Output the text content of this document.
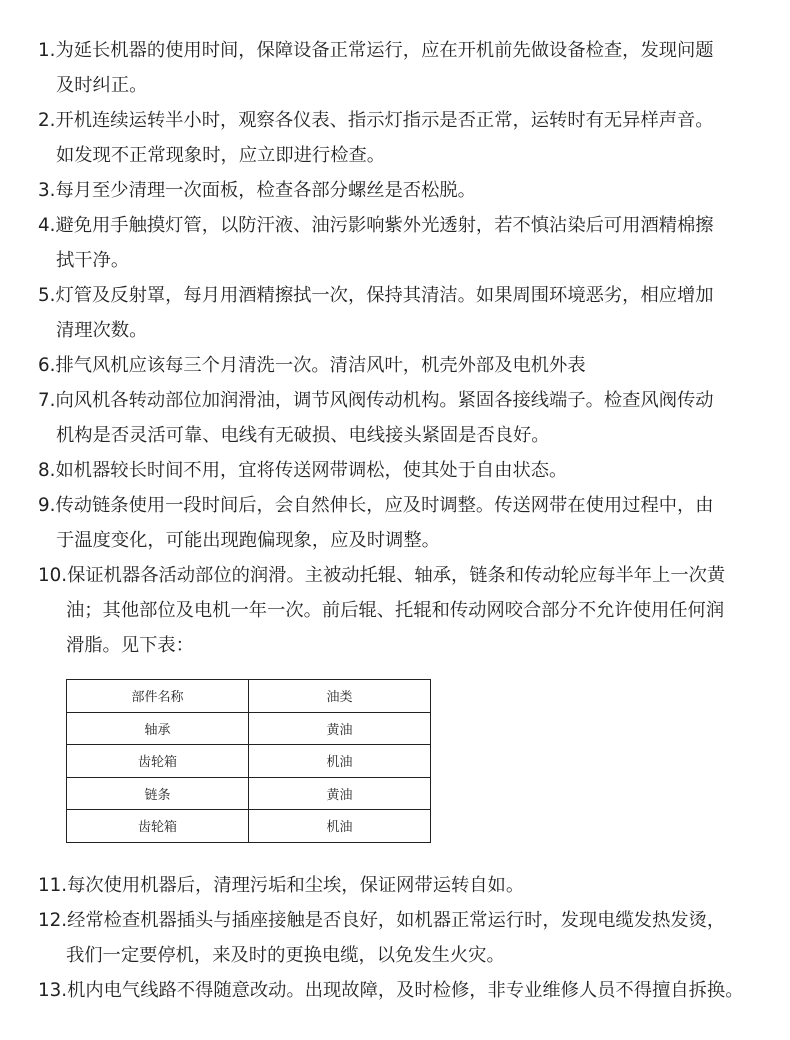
1.为延长机器的使用时间，保障设备正常运行，应在开机前先做设备检查，发现问题
及时纠正。
2.开机连续运转半小时，观察各仪表、指示灯指示是否正常，运转时有无异样声音。
如发现不正常现象时，应立即进行检查。
3.每月至少清理一次面板，检查各部分螺丝是否松脱。
4.避免用手触摸灯管，以防汗液、油污影响紫外光透射，若不慎沾染后可用酒精棉擦
拭干净。
5.灯管及反射罩，每月用酒精擦拭一次，保持其清洁。如果周围环境恶劣，相应增加
清理次数。
6.排气风机应该每三个月清洗一次。清洁风叶，机壳外部及电机外表
7.向风机各转动部位加润滑油，调节风阀传动机构。紧固各接线端子。检查风阀传动
机构是否灵活可靠、电线有无破损、电线接头紧固是否良好。
8.如机器较长时间不用，宜将传送网带调松，使其处于自由状态。
9.传动链条使用一段时间后，会自然伸长，应及时调整。传送网带在使用过程中，由
于温度变化，可能出现跑偏现象，应及时调整。
10.保证机器各活动部位的润滑。主被动托辊、轴承，链条和传动轮应每半年上一次黄
油；其他部位及电机一年一次。前后辊、托辊和传动网咬合部分不允许使用任何润
滑脂。见下表：
部件名称	油类
轴承	黄油
齿轮箱	机油
链条	黄油
齿轮箱	机油
11.每次使用机器后，清理污垢和尘埃，保证网带运转自如。
12.经常检查机器插头与插座接触是否良好，如机器正常运行时，发现电缆发热发烫，
我们一定要停机，来及时的更换电缆，以免发生火灾。
13.机内电气线路不得随意改动。出现故障，及时检修，非专业维修人员不得擅自拆换。
